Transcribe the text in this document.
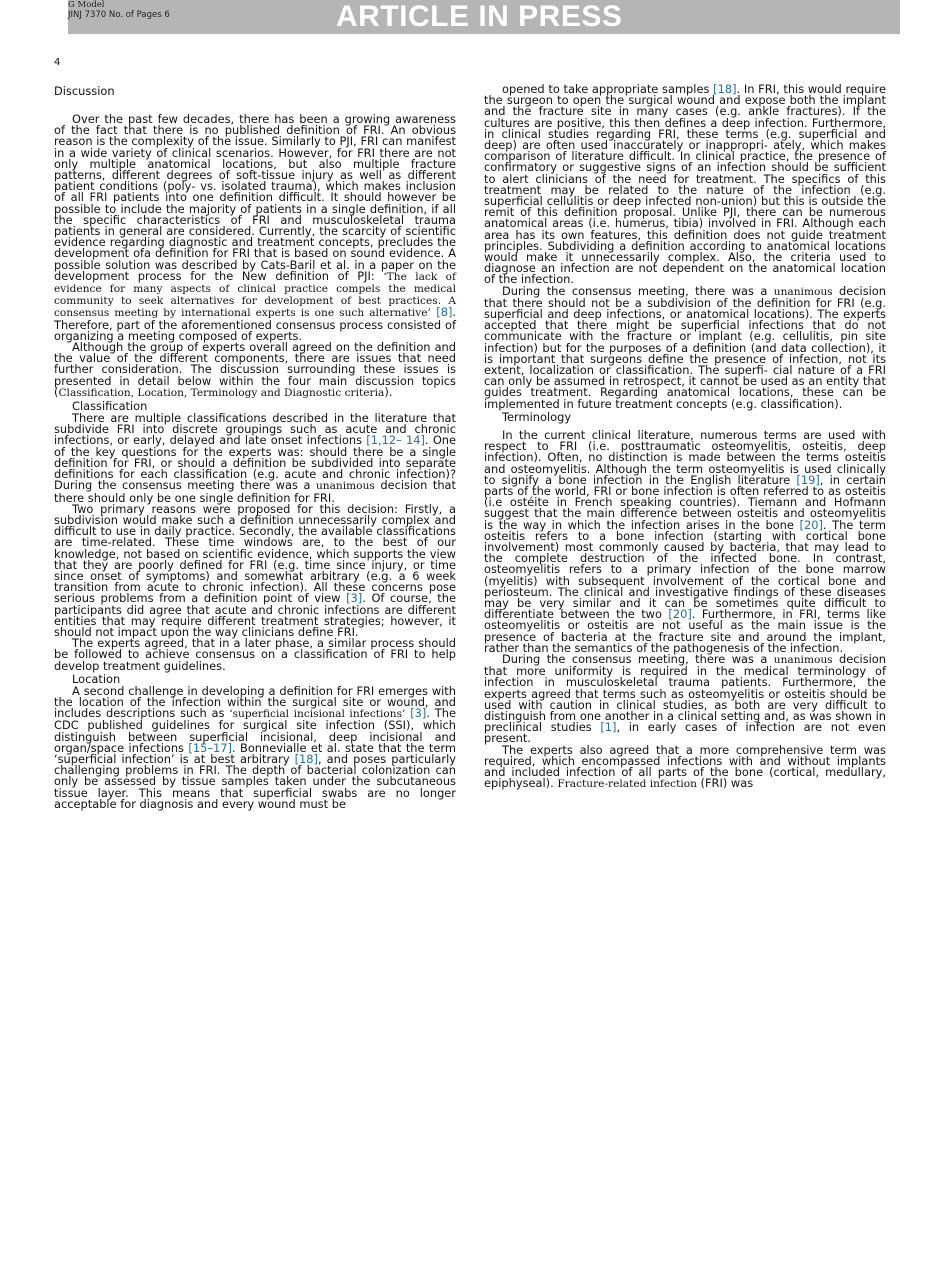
G Model
JINJ 7370 No. of Pages 6	ARTICLE IN PRESS
4
Discussion

Over the past few decades, there has been a growing awareness of the fact that there is no published definition of FRI. An obvious reason is the complexity of the issue. Similarly to PJI, FRI can manifest in a wide variety of clinical scenarios. However, for FRI there are not only multiple anatomical locations, but also multiple fracture patterns, different degrees of soft-tissue injury as well as different patient conditions (poly- vs. isolated trauma), which makes inclusion of all FRI patients into one definition difficult. It should however be possible to include the majority of patients in a single definition, if all the specific characteristics of FRI and musculoskeletal trauma patients in general are considered. Currently, the scarcity of scientific evidence regarding diagnostic and treatment concepts, precludes the development ofa definition for FRI that is based on sound evidence. A possible solution was described by Cats-Baril et al. in a paper on the development process for the New definition of PJI: ‘The lack of evidence for many aspects of clinical practice compels the medical community to seek alternatives for development of best practices. A consensus meeting by international experts is one such alternative’ [8]. Therefore, part of the aforementioned consensus process consisted of organizing a meeting composed of experts.

Although the group of experts overall agreed on the definition and the value of the different components, there are issues that need further consideration. The discussion surrounding these issues is presented in detail below within the four main discussion topics (Classification, Location, Terminology and Diagnostic criteria).

Classification

There are multiple classifications described in the literature that subdivide FRI into discrete groupings such as acute and chronic infections, or early, delayed and late onset infections [1,12– 14]. One of the key questions for the experts was: should there be a single definition for FRI, or should a definition be subdivided into separate definitions for each classification (e.g. acute and chronic infection)? During the consensus meeting there was a unanimous decision that there should only be one single definition for FRI.

Two primary reasons were proposed for this decision: Firstly, a subdivision would make such a definition unnecessarily complex and difficult to use in daily practice. Secondly, the available classifications are time-related. These time windows are, to the best of our knowledge, not based on scientific evidence, which supports the view that they are poorly defined for FRI (e.g. time since injury, or time since onset of symptoms) and somewhat arbitrary (e.g. a 6 week transition from acute to chronic infection). All these concerns pose serious problems from a definition point of view [3]. Of course, the participants did agree that acute and chronic infections are different entities that may require different treatment strategies; however, it should not impact upon the way clinicians define FRI.

The experts agreed, that in a later phase, a similar process should be followed to achieve consensus on a classification of FRI to help develop treatment guidelines.

Location

A second challenge in developing a definition for FRI emerges with the location of the infection within the surgical site or wound, and includes descriptions such as ‘superficial incisional infections’ [3]. The CDC published guidelines for surgical site infection (SSI), which distinguish between superficial incisional, deep incisional and organ/space infections [15–17]. Bonnevialle et al. state that the term ‘superficial infection’ is at best arbitrary [18], and poses particularly challenging problems in FRI. The depth of bacterial colonization can only be assessed by tissue samples taken under the subcutaneous tissue layer. This means that superficial swabs are no longer acceptable for diagnosis and every wound must be

opened to take appropriate samples [18]. In FRI, this would require the surgeon to open the surgical wound and expose both the implant and the fracture site in many cases (e.g. ankle fractures). If the cultures are positive, this then defines a deep infection. Furthermore, in clinical studies regarding FRI, these terms (e.g. superficial and deep) are often used inaccurately or inappropri- ately, which makes comparison of literature difficult. In clinical practice, the presence of confirmatory or suggestive signs of an infection should be sufficient to alert clinicians of the need for treatment. The specifics of this treatment may be related to the nature of the infection (e.g. superficial cellulitis or deep infected non-union) but this is outside the remit of this definition proposal. Unlike PJI, there can be numerous anatomical areas (i.e. humerus, tibia) involved in FRI. Although each area has its own features, this definition does not guide treatment principles. Subdividing a definition according to anatomical locations would make it unnecessarily complex. Also, the criteria used to diagnose an infection are not dependent on the anatomical location of the infection.

During the consensus meeting, there was a unanimous decision that there should not be a subdivision of the definition for FRI (e.g. superficial and deep infections, or anatomical locations). The experts accepted that there might be superficial infections that do not communicate with the fracture or implant (e.g. cellulitis, pin site infection) but for the purposes of a definition (and data collection), it is important that surgeons define the presence of infection, not its extent, localization or classification. The superfi- cial nature of a FRI can only be assumed in retrospect, it cannot be used as an entity that guides treatment. Regarding anatomical locations, these can be implemented in future treatment concepts (e.g. classification).

Terminology

In the current clinical literature, numerous terms are used with respect to FRI (i.e. posttraumatic osteomyelitis, osteitis, deep infection). Often, no distinction is made between the terms osteitis and osteomyelitis. Although the term osteomyelitis is used clinically to signify a bone infection in the English literature [19], in certain parts of the world, FRI or bone infection is often referred to as osteitis (i.e ostéite in French speaking countries). Tiemann and Hofmann suggest that the main difference between osteitis and osteomyelitis is the way in which the infection arises in the bone [20]. The term osteitis refers to a bone infection (starting with cortical bone involvement) most commonly caused by bacteria, that may lead to the complete destruction of the infected bone. In contrast, osteomyelitis refers to a primary infection of the bone marrow (myelitis) with subsequent involvement of the cortical bone and periosteum. The clinical and investigative findings of these diseases may be very similar and it can be sometimes quite difficult to differentiate between the two [20]. Furthermore, in FRI, terms like osteomyelitis or osteitis are not useful as the main issue is the presence of bacteria at the fracture site and around the implant, rather than the semantics of the pathogenesis of the infection.

During the consensus meeting, there was a unanimous decision that more uniformity is required in the medical terminology of infection in musculoskeletal trauma patients. Furthermore, the experts agreed that terms such as osteomyelitis or osteitis should be used with caution in clinical studies, as both are very difficult to distinguish from one another in a clinical setting and, as was shown in preclinical studies [1], in early cases of infection are not even present.

The experts also agreed that a more comprehensive term was required, which encompassed infections with and without implants and included infection of all parts of the bone (cortical, medullary, epiphyseal). Fracture-related infection (FRI) was
